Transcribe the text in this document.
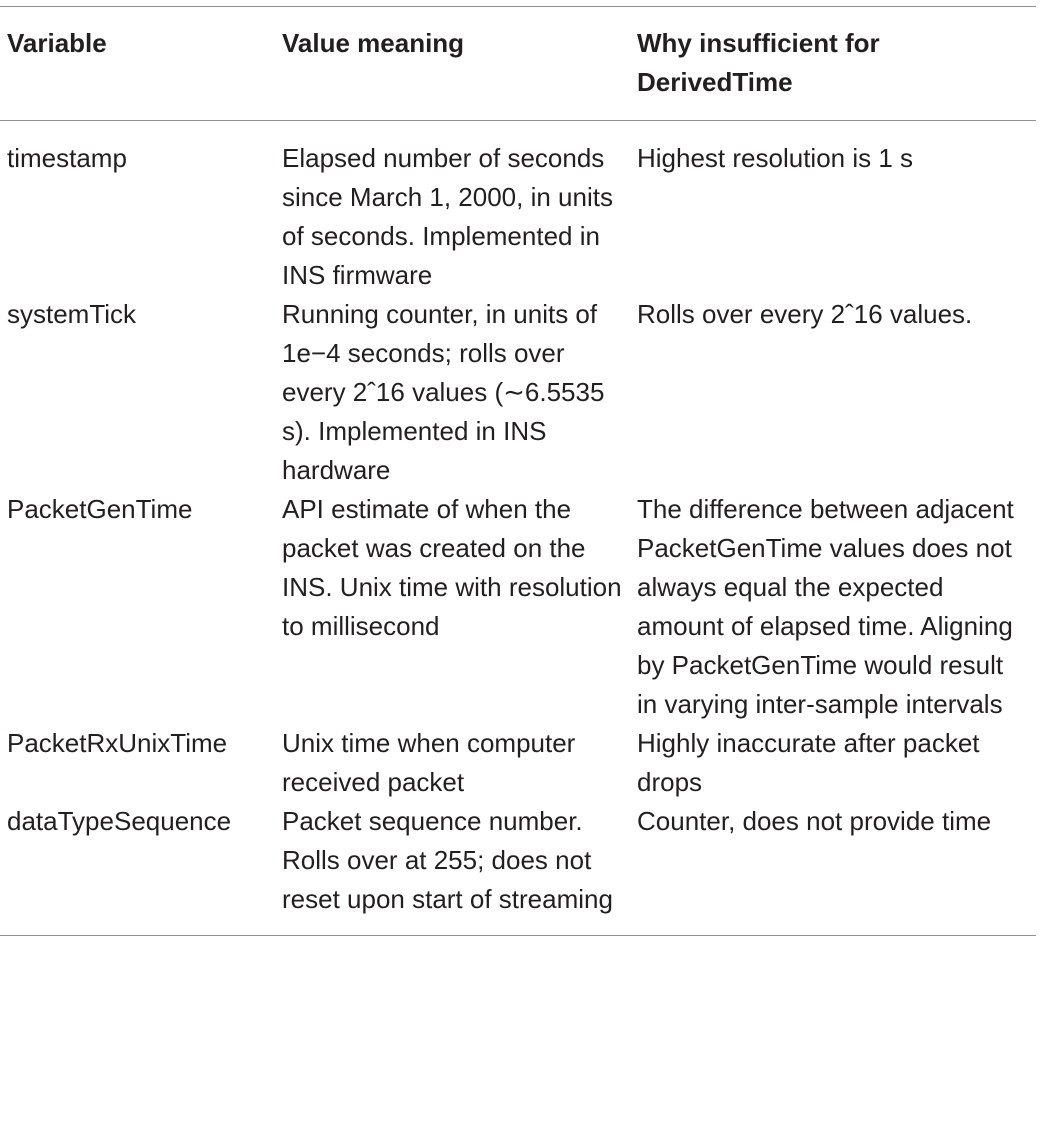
Variable	Value meaning	Why insufficient for DerivedTime
timestamp	Elapsed number of seconds since March 1, 2000, in units of seconds. Implemented in INS firmware	Highest resolution is 1 s
systemTick	Running counter, in units of 1e−4 seconds; rolls over every 2ˆ16 values (∼6.5535 s). Implemented in INS hardware	Rolls over every 2ˆ16 values.
PacketGenTime	API estimate of when the packet was created on the INS. Unix time with resolution to millisecond	The difference between adjacent PacketGenTime values does not always equal the expected amount of elapsed time. Aligning by PacketGenTime would result in varying inter-sample intervals
PacketRxUnixTime	Unix time when computer received packet	Highly inaccurate after packet drops
dataTypeSequence	Packet sequence number. Rolls over at 255; does not reset upon start of streaming	Counter, does not provide time
